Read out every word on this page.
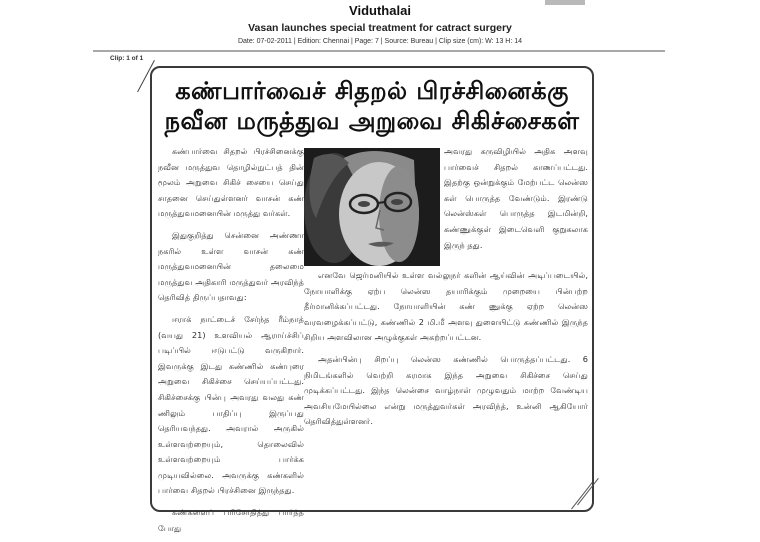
Viduthalai
Vasan launches special treatment for catract surgery
Date: 07-02-2011 | Edition: Chennai | Page: 7 | Source: Bureau | Clip size (cm): W: 13 H: 14
Clip: 1 of 1
கண்பார்வைச் சிதறல் பிரச்சினைக்கு
நவீன மருத்துவ அறுவை சிகிச்சைகள்

கண்பார்வை சிதறல் பிரச்சினைக்கு நவீன மருத்துவ தொழில்நுட்பத் தின் மூலம் அறுவை சிகிச் சையை செய்து சாதனை செய்துள்ளனர் வாசன் கண் மருத்துவமனையின் மருத்து வர்கள்.

இதுகுறித்து சென்னை அண்ணா நகரில் உள்ள வாசன் கண் மருத்துவமனையின் தலைமை மருத்துவ அதிகாரி மருத்துவர் அரவிந்த் தெரிவித் திருப்பதாவது:

ஈராக் நாட்டைச் சேர்ந்த ரீம்நாத் (வயது 21) உளவியல் ஆராய்ச்சிப் படிப்பில் ஈடுபட்டு வருகிறார். இவருக்கு இடது கண்ணில் கண்புரை அறுவை சிகிச்சை செய்யப்பட்டது. சிகிச்சைக்கு பின்பு அவரது வலது கண் ணிலும் பாதிப்பு இருப்பது தெரியவந்தது. அவரால் அருகில் உள்ளவற்றையும், தொலைவில் உள்ளவற்றையும் பார்க்க முடியவில்லை. அவருக்கு கண்களில் பார்வை சிதறல் பிரச்சினை இருந்தது.

கண்களைப் பரிசோதித்து பார்த்த போது

அவரது கருவிழியில் அதிக அளவு பார்வைச் சிதறல் காணப்பட்டது. இதற்கு ஒன்றுக்கும் மேற்பட்ட லென்ஸ கள் பொருத்த வேண்டும். இரண்டு லென்ஸ்கள் பொருத்த இடமின்றி, கண்ணுக்குள் இடைவெளி குறுகலாக இருந் தது.

எனவே ஜெர்மனியில் உள்ள வல்லுநர் களின் ஆய்வின் அடிப்படையில், நோயாளிக்கு ஏற்ப லென்ஸ தயாரிக்கும் முறையை பின்பற்ற தீர்மானிக்கப்பட்டது. நோயாளியின் கண் ணுக்கு ஏற்ற லென்ஸ வரவழைக்கப்பட்டு, கண்ணில் 2 மி.மீ அளவு துளையிட்டு கண்ணில் இருந்த சிறிய அளவிலான அழுக்குகள் அகற்றப்பட்டன.

அதன்பின்பு சிறப்பு லென்ஸ கண்ணில் பொருத்தப்பட்டது. 6 நிமிடங்களில் வெற்றி கரமாக இந்த அறுவை சிகிச்சை செய்து முடிக்கப்பட்டது. இந்த லென்சை வாழ்நாள் முழுவதும் மாற்ற வேண்டிய அவசியமேயில்லை என்று மருத்துவர்கள் அரவிந்த், உன்னி ஆகியோர் தெரிவித்துள்ளனர்.
